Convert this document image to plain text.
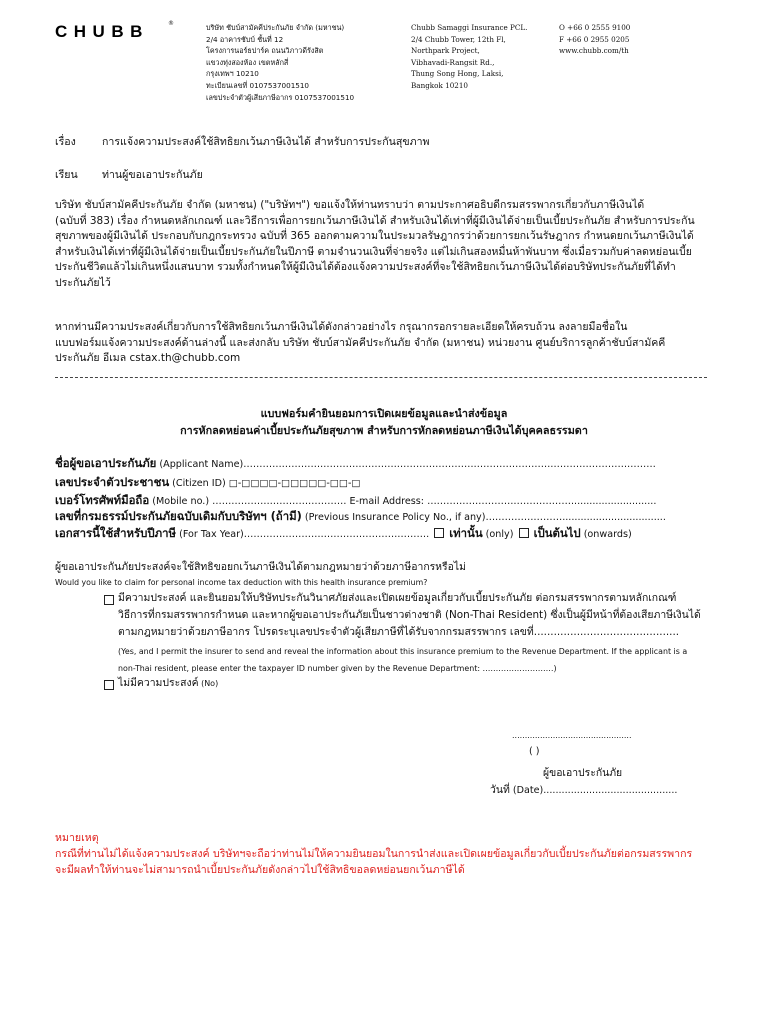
CHUBB	®	บริษัท ชับบ์สามัคคีประกันภัย จำกัด (มหาชน)
2/4 อาคารชับบ์ ชั้นที่ 12
โครงการนอร์ธปาร์ค ถนนวิภาวดีรังสิต
แขวงทุ่งสองห้อง เขตหลักสี่
กรุงเทพฯ 10210
ทะเบียนเลขที่ 0107537001510
เลขประจำตัวผู้เสียภาษีอากร 0107537001510
Chubb Samaggi Insurance PCL.
2/4 Chubb Tower, 12th Fl,
Northpark Project,
Vibhavadi-Rangsit Rd.,
Thung Song Hong, Laksi,
Bangkok 10210
O +66 0 2555 9100
F +66 0 2955 0205
www.chubb.com/th
เรื่อง การแจ้งความประสงค์ใช้สิทธิยกเว้นภาษีเงินได้ สำหรับการประกันสุขภาพ
เรียน ท่านผู้ขอเอาประกันภัย
บริษัท ชับบ์สามัคคีประกันภัย จำกัด (มหาชน) ("บริษัทฯ") ขอแจ้งให้ท่านทราบว่า ตามประกาศอธิบดีกรมสรรพากรเกี่ยวกับภาษีเงินได้
(ฉบับที่ 383) เรื่อง กำหนดหลักเกณฑ์ และวิธีการเพื่อการยกเว้นภาษีเงินได้ สำหรับเงินได้เท่าที่ผู้มีเงินได้จ่ายเป็นเบี้ยประกันภัย สำหรับการประกัน
สุขภาพของผู้มีเงินได้ ประกอบกับกฎกระทรวง ฉบับที่ 365 ออกตามความในประมวลรัษฎากรว่าด้วยการยกเว้นรัษฎากร กำหนดยกเว้นภาษีเงินได้
สำหรับเงินได้เท่าที่ผู้มีเงินได้จ่ายเป็นเบี้ยประกันภัยในปีภาษี ตามจำนวนเงินที่จ่ายจริง แต่ไม่เกินสองหมื่นห้าพันบาท ซึ่งเมื่อรวมกับค่าลดหย่อนเบี้ย
ประกันชีวิตแล้วไม่เกินหนึ่งแสนบาท รวมทั้งกำหนดให้ผู้มีเงินได้ต้องแจ้งความประสงค์ที่จะใช้สิทธิยกเว้นภาษีเงินได้ต่อบริษัทประกันภัยที่ได้ทำ
ประกันภัยไว้
หากท่านมีความประสงค์เกี่ยวกับการใช้สิทธิยกเว้นภาษีเงินได้ดังกล่าวอย่างไร กรุณากรอกรายละเอียดให้ครบถ้วน ลงลายมือชื่อใน
แบบฟอร์มแจ้งความประสงค์ด้านล่างนี้ และส่งกลับ บริษัท ชับบ์สามัคคีประกันภัย จำกัด (มหาชน) หน่วยงาน ศูนย์บริการลูกค้าชับบ์สามัคคี
ประกันภัย อีเมล cstax.th@chubb.com
แบบฟอร์มคำยินยอมการเปิดเผยข้อมูลและนำส่งข้อมูล
การหักลดหย่อนค่าเบี้ยประกันภัยสุขภาพ สำหรับการหักลดหย่อนภาษีเงินได้บุคคลธรรมดา
ชื่อผู้ขอเอาประกันภัย (Applicant Name)…………………………………………………………………………………………………………………
เลขประจำตัวประชาชน (Citizen ID) □-□□□□-□□□□□-□□-□
เบอร์โทรศัพท์มือถือ (Mobile no.) …………………………………… E-mail Address: ………………………………………............................
เลขที่กรมธรรม์ประกันภัยฉบับเดิมกับบริษัทฯ (ถ้ามี) (Previous Insurance Policy No., if any)……………………..................................
เอกสารนี้ใช้สำหรับปีภาษี (For Tax Year)………………………………………………….  เท่านั้น (only)  เป็นต้นไป (onwards)
ผู้ขอเอาประกันภัยประสงค์จะใช้สิทธิขอยกเว้นภาษีเงินได้ตามกฎหมายว่าด้วยภาษีอากรหรือไม่
Would you like to claim for personal income tax deduction with this health insurance premium?
มีความประสงค์ และยินยอมให้บริษัทประกันวินาศภัยส่งและเปิดเผยข้อมูลเกี่ยวกับเบี้ยประกันภัย ต่อกรมสรรพากรตามหลักเกณฑ์
วิธีการที่กรมสรรพากรกำหนด และหากผู้ขอเอาประกันภัยเป็นชาวต่างชาติ (Non-Thai Resident) ซึ่งเป็นผู้มีหน้าที่ต้องเสียภาษีเงินได้
ตามกฎหมายว่าด้วยภาษีอากร โปรดระบุเลขประจำตัวผู้เสียภาษีที่ได้รับจากกรมสรรพากร เลขที่............................................
(Yes, and I permit the insurer to send and reveal the information about this insurance premium to the Revenue Department. If the applicant is a
non-Thai resident, please enter the taxpayer ID number given by the Revenue Department: ………………………)
ไม่มีความประสงค์ (No)
...............................................
( )
ผู้ขอเอาประกันภัย
วันที่ (Date)............................................
หมายเหตุ
กรณีที่ท่านไม่ได้แจ้งความประสงค์ บริษัทฯจะถือว่าท่านไม่ให้ความยินยอมในการนำส่งและเปิดเผยข้อมูลเกี่ยวกับเบี้ยประกันภัยต่อกรมสรรพากร
จะมีผลทำให้ท่านจะไม่สามารถนำเบี้ยประกันภัยดังกล่าวไปใช้สิทธิขอลดหย่อนยกเว้นภาษีได้
